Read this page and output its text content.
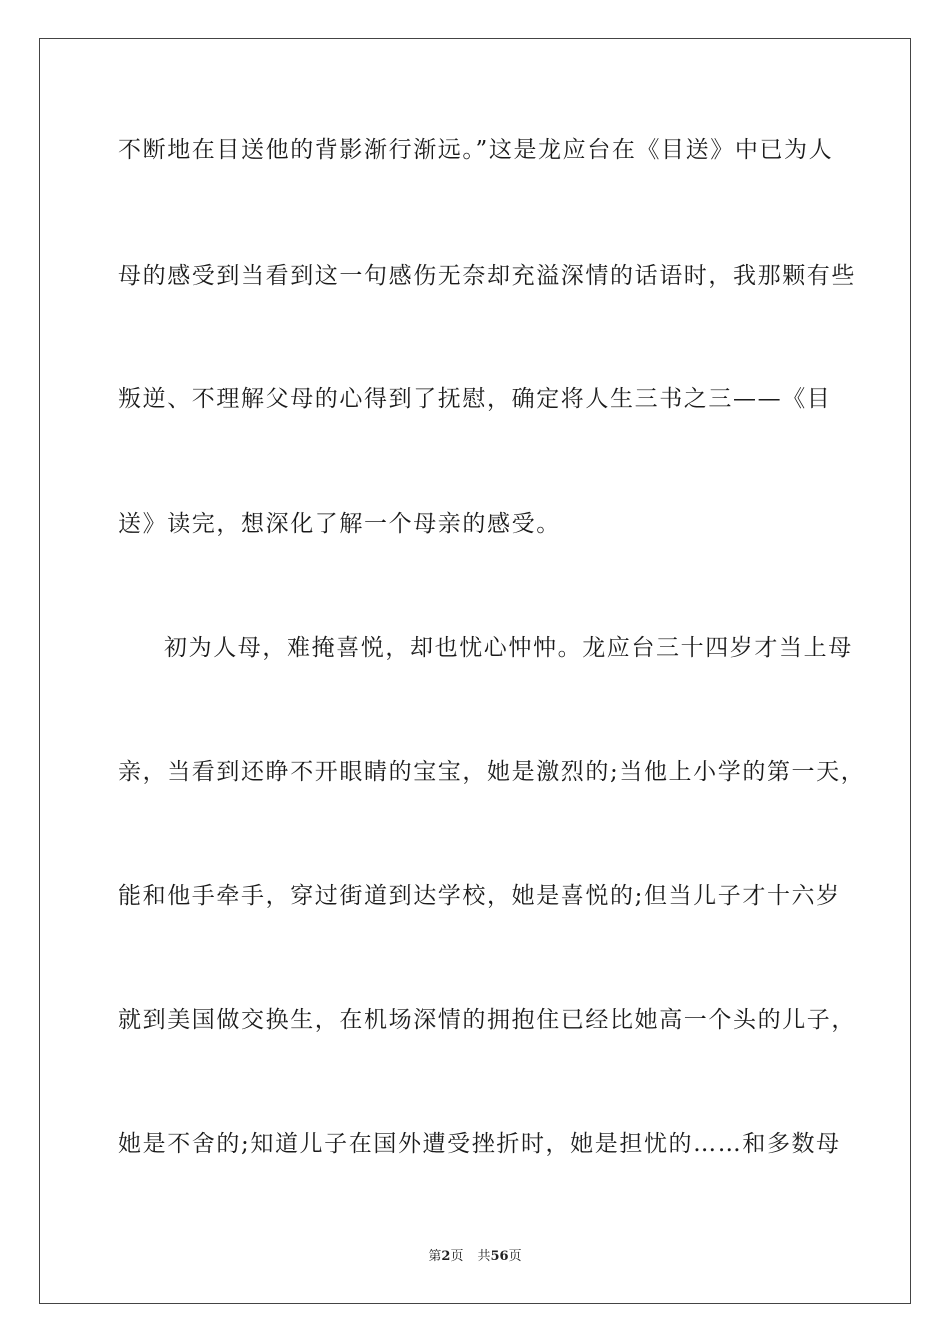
不断地在目送他的背影渐行渐远。”这是龙应台在《目送》中已为人
母的感受到当看到这一句感伤无奈却充溢深情的话语时，我那颗有些
叛逆、不理解父母的心得到了抚慰，确定将人生三书之三——《目
送》读完，想深化了解一个母亲的感受。
初为人母，难掩喜悦，却也忧心忡忡。龙应台三十四岁才当上母
亲，当看到还睁不开眼睛的宝宝，她是激烈的;当他上小学的第一天，
能和他手牵手，穿过街道到达学校，她是喜悦的;但当儿子才十六岁
就到美国做交换生，在机场深情的拥抱住已经比她高一个头的儿子，
她是不舍的;知道儿子在国外遭受挫折时，她是担忧的……和多数母
第2页 共56页
